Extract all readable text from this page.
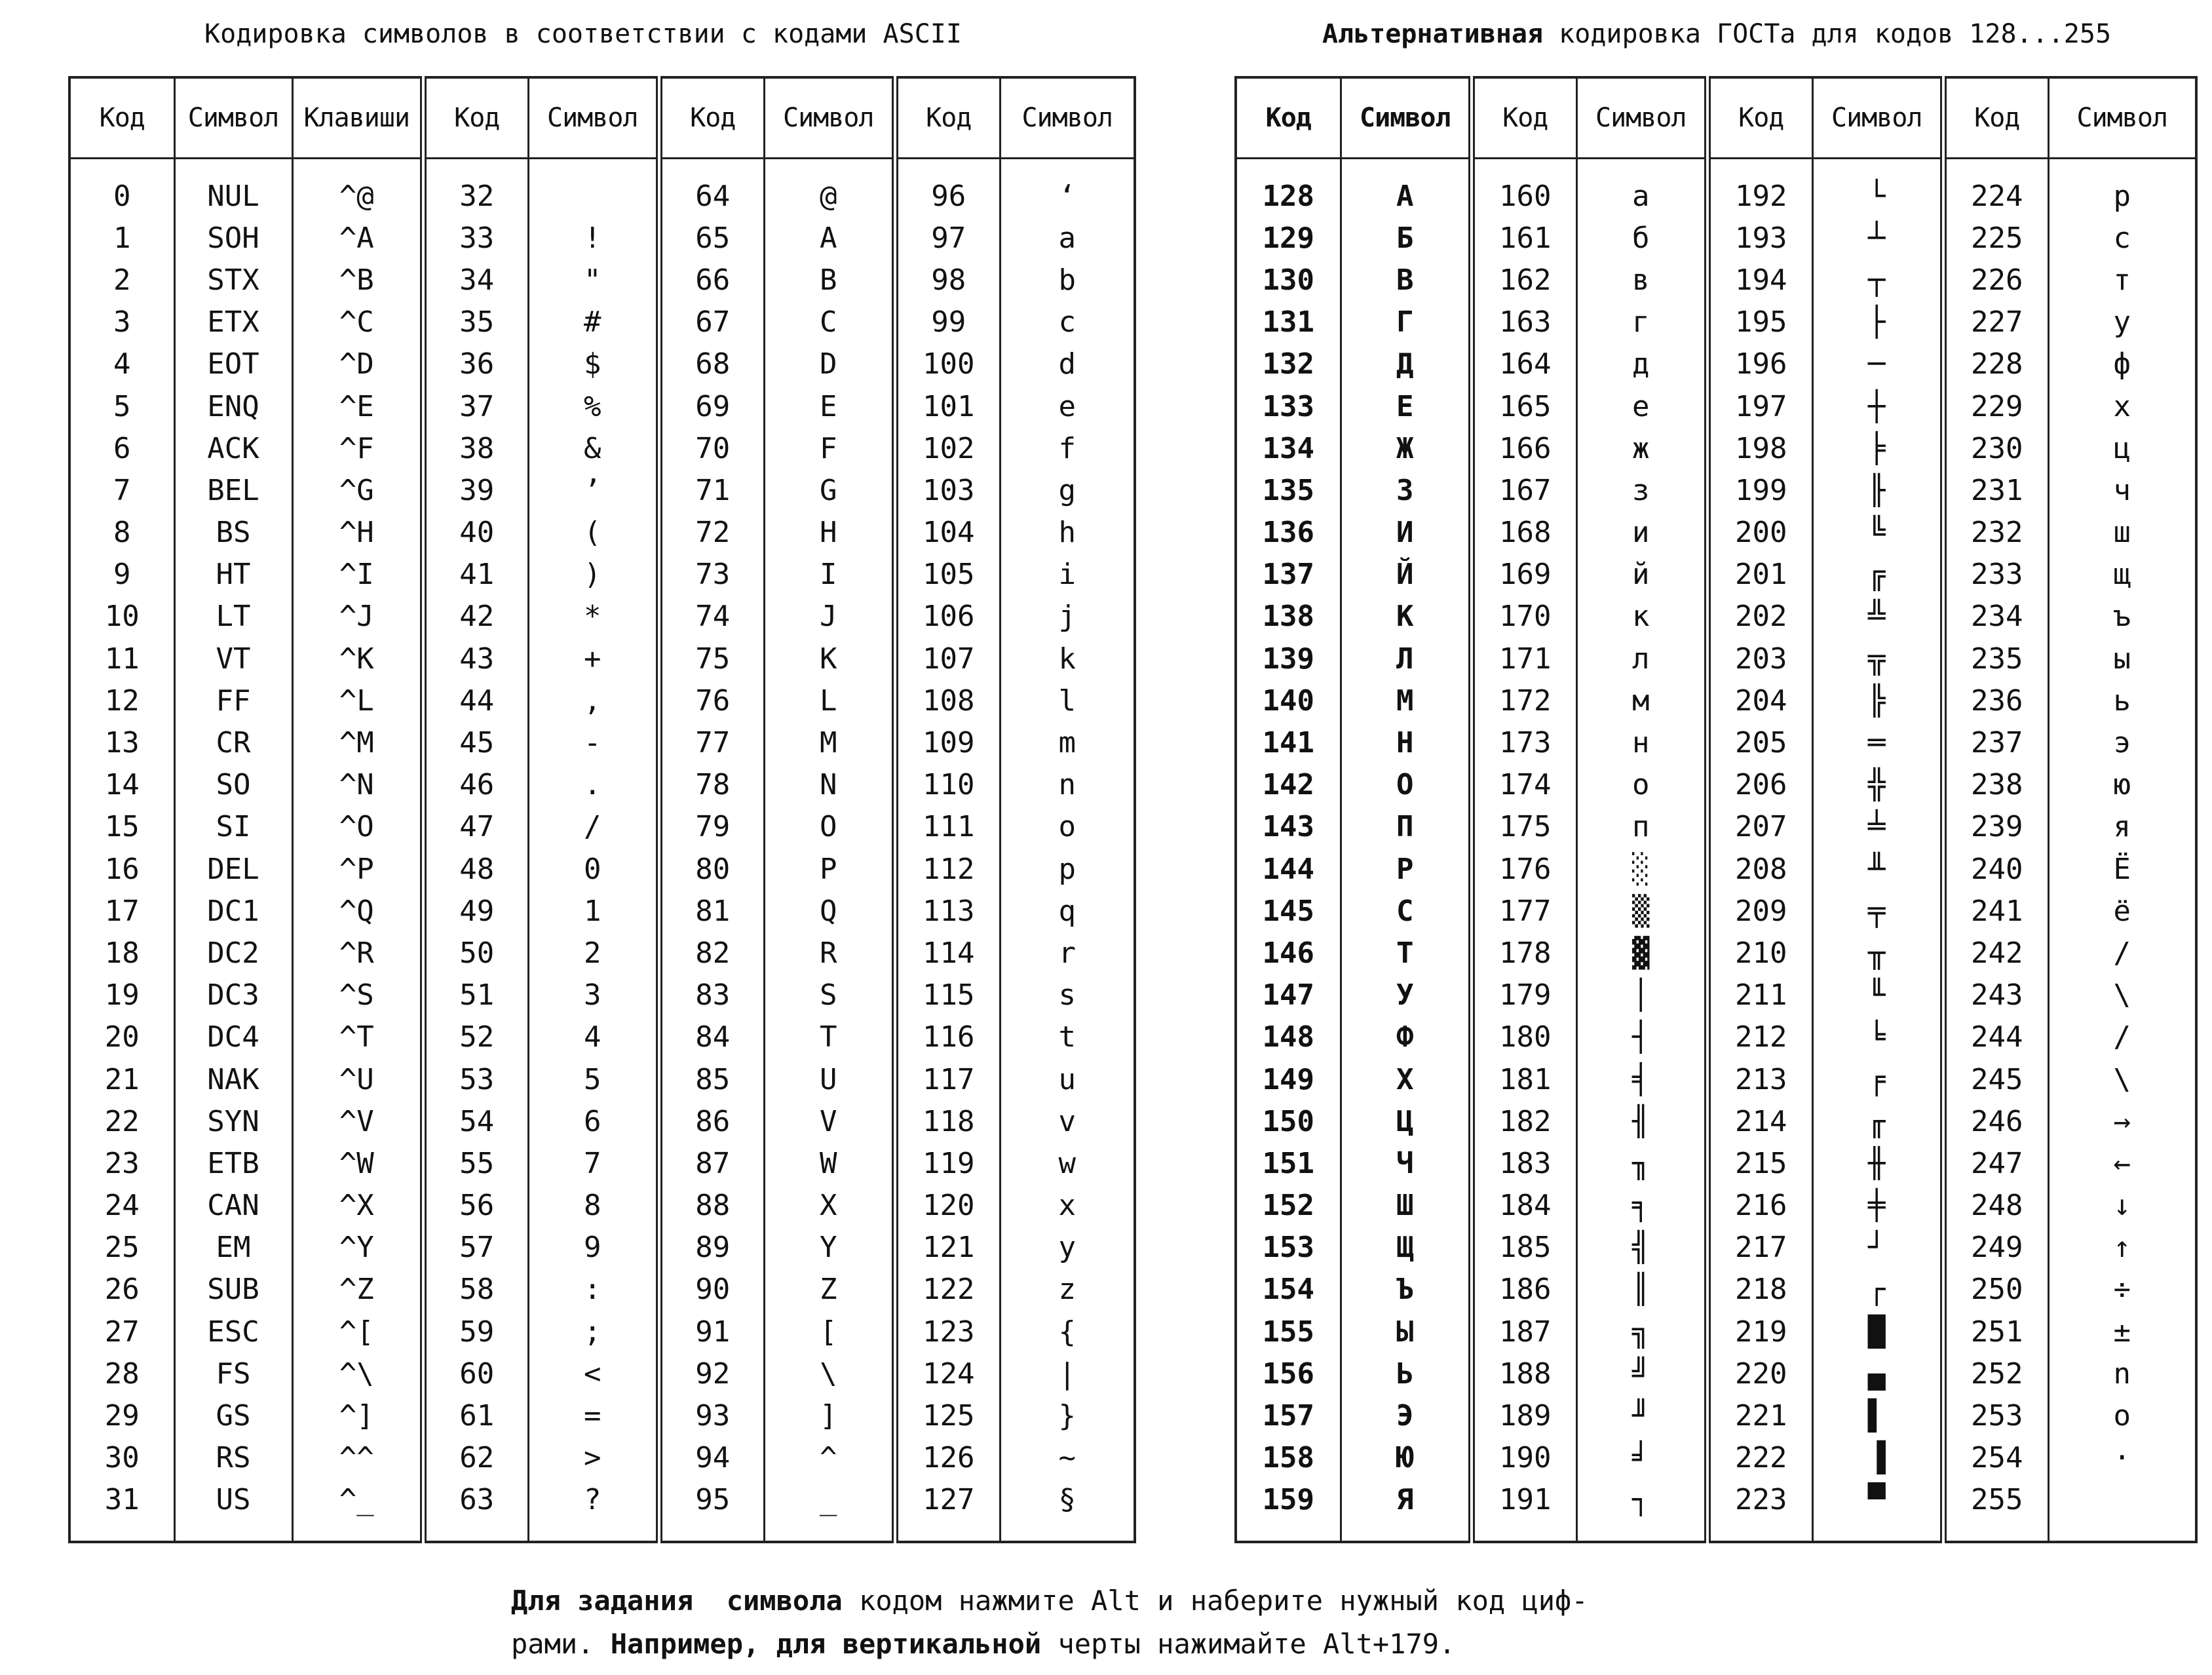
Кодировка символов в соответствии с кодами ASCII	Альтернативная кодировка ГОСТа для кодов 128...255
Код	Символ	Клавиши	Код	Символ	Код	Символ	Код	Символ
0	NUL	^@	32		64	@	96	‘
1	SOH	^A	33	!	65	A	97	a
2	STX	^B	34	"	66	B	98	b
3	ETX	^C	35	#	67	C	99	c
4	EOT	^D	36	$	68	D	100	d
5	ENQ	^E	37	%	69	E	101	e
6	ACK	^F	38	&	70	F	102	f
7	BEL	^G	39	’	71	G	103	g
8	BS	^H	40	(	72	H	104	h
9	HT	^I	41	)	73	I	105	i
10	LT	^J	42	*	74	J	106	j
11	VT	^K	43	+	75	K	107	k
12	FF	^L	44	,	76	L	108	l
13	CR	^M	45	-	77	M	109	m
14	SO	^N	46	.	78	N	110	n
15	SI	^O	47	/	79	O	111	o
16	DEL	^P	48	0	80	P	112	p
17	DC1	^Q	49	1	81	Q	113	q
18	DC2	^R	50	2	82	R	114	r
19	DC3	^S	51	3	83	S	115	s
20	DC4	^T	52	4	84	T	116	t
21	NAK	^U	53	5	85	U	117	u
22	SYN	^V	54	6	86	V	118	v
23	ETB	^W	55	7	87	W	119	w
24	CAN	^X	56	8	88	X	120	x
25	EM	^Y	57	9	89	Y	121	y
26	SUB	^Z	58	:	90	Z	122	z
27	ESC	^[	59	;	91	[	123	{
28	FS	^\	60	<	92	\	124	|
29	GS	^]	61	=	93	]	125	}
30	RS	^^	62	>	94	^	126	~
31	US	^_	63	?	95	_	127	§
Код	Символ	Код	Символ	Код	Символ	Код	Символ
128	А	160	а	192	└	224	р
129	Б	161	б	193	┴	225	с
130	В	162	в	194	┬	226	т
131	Г	163	г	195	├	227	у
132	Д	164	д	196	─	228	ф
133	Е	165	е	197	┼	229	х
134	Ж	166	ж	198	╞	230	ц
135	З	167	з	199	╟	231	ч
136	И	168	и	200	╚	232	ш
137	Й	169	й	201	╔	233	щ
138	К	170	к	202	╩	234	ъ
139	Л	171	л	203	╦	235	ы
140	М	172	м	204	╠	236	ь
141	Н	173	н	205	═	237	э
142	О	174	о	206	╬	238	ю
143	П	175	п	207	╧	239	я
144	Р	176	░	208	╨	240	Ё
145	С	177	▒	209	╤	241	ё
146	Т	178	▓	210	╥	242	/
147	У	179	│	211	╙	243	\
148	Ф	180	┤	212	╘	244	/
149	Х	181	╡	213	╒	245	\
150	Ц	182	╢	214	╓	246	→
151	Ч	183	╖	215	╫	247	←
152	Ш	184	╕	216	╪	248	↓
153	Щ	185	╣	217	┘	249	↑
154	Ъ	186	║	218	┌	250	÷
155	Ы	187	╗	219	█	251	±
156	Ь	188	╝	220	▄	252	n
157	Э	189	╜	221	▌	253	o
158	Ю	190	╛	222	▐	254	·
159	Я	191	┐	223	▀	255	
Для задания символа кодом нажмите Alt и наберите нужный код циф-
рами. Например, для вертикальной черты нажимайте Alt+179.
